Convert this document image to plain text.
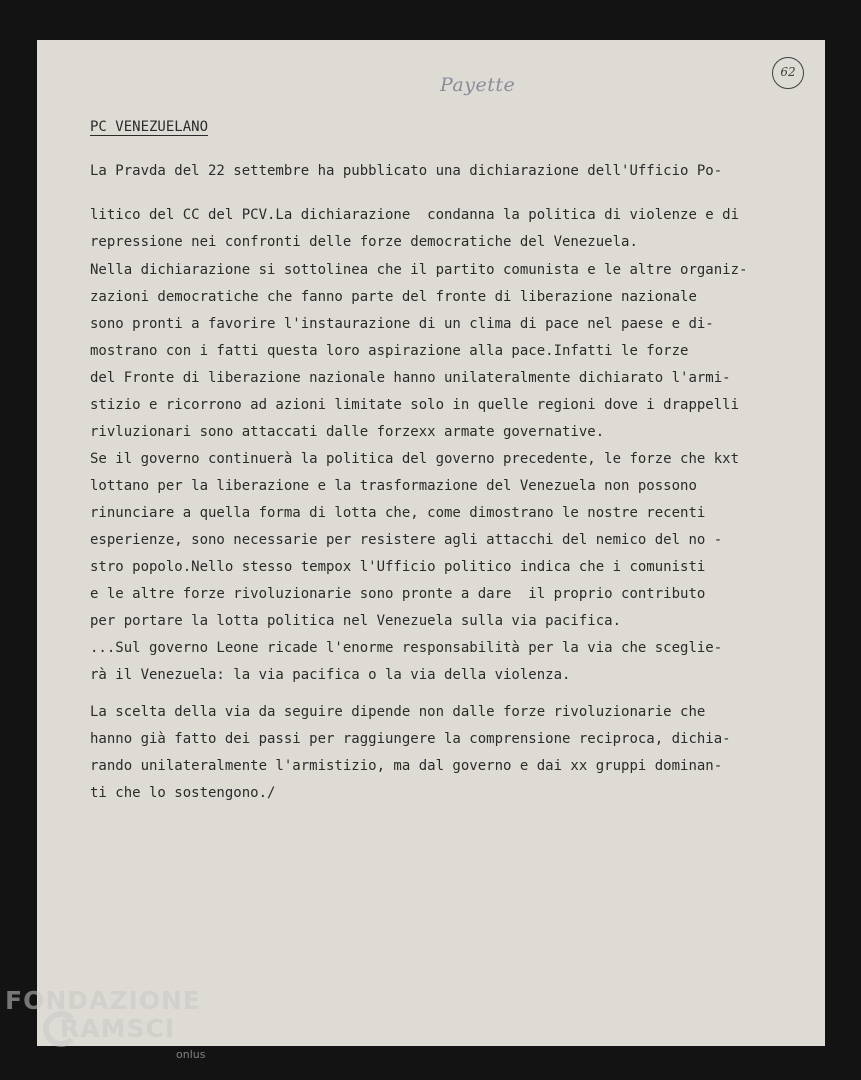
Payette
62
PC VENEZUELANO
La Pravda del 22 settembre ha pubblicato una dichiarazione dell'Ufficio Po-
litico del CC del PCV.La dichiarazione  condanna la politica di violenze e di
repressione nei confronti delle forze democratiche del Venezuela.
Nella dichiarazione si sottolinea che il partito comunista e le altre organiz-
zazioni democratiche che fanno parte del fronte di liberazione nazionale
sono pronti a favorire l'instaurazione di un clima di pace nel paese e di-
mostrano con i fatti questa loro aspirazione alla pace.Infatti le forze
del Fronte di liberazione nazionale hanno unilateralmente dichiarato l'armi-
stizio e ricorrono ad azioni limitate solo in quelle regioni dove i drappelli
rivluzionari sono attaccati dalle forzexx armate governative.
Se il governo continuerà la politica del governo precedente, le forze che kxt
lottano per la liberazione e la trasformazione del Venezuela non possono
rinunciare a quella forma di lotta che, come dimostrano le nostre recenti
esperienze, sono necessarie per resistere agli attacchi del nemico del no -
stro popolo.Nello stesso tempox l'Ufficio politico indica che i comunisti
e le altre forze rivoluzionarie sono pronte a dare  il proprio contributo
per portare la lotta politica nel Venezuela sulla via pacifica.
...Sul governo Leone ricade l'enorme responsabilità per la via che sceglie-
rà il Venezuela: la via pacifica o la via della violenza.
La scelta della via da seguire dipende non dalle forze rivoluzionarie che
hanno già fatto dei passi per raggiungere la comprensione reciproca, dichia-
rando unilateralmente l'armistizio, ma dal governo e dai xx gruppi dominan-
ti che lo sostengono./
FONDAZIONE
RAMSCI
onlus
